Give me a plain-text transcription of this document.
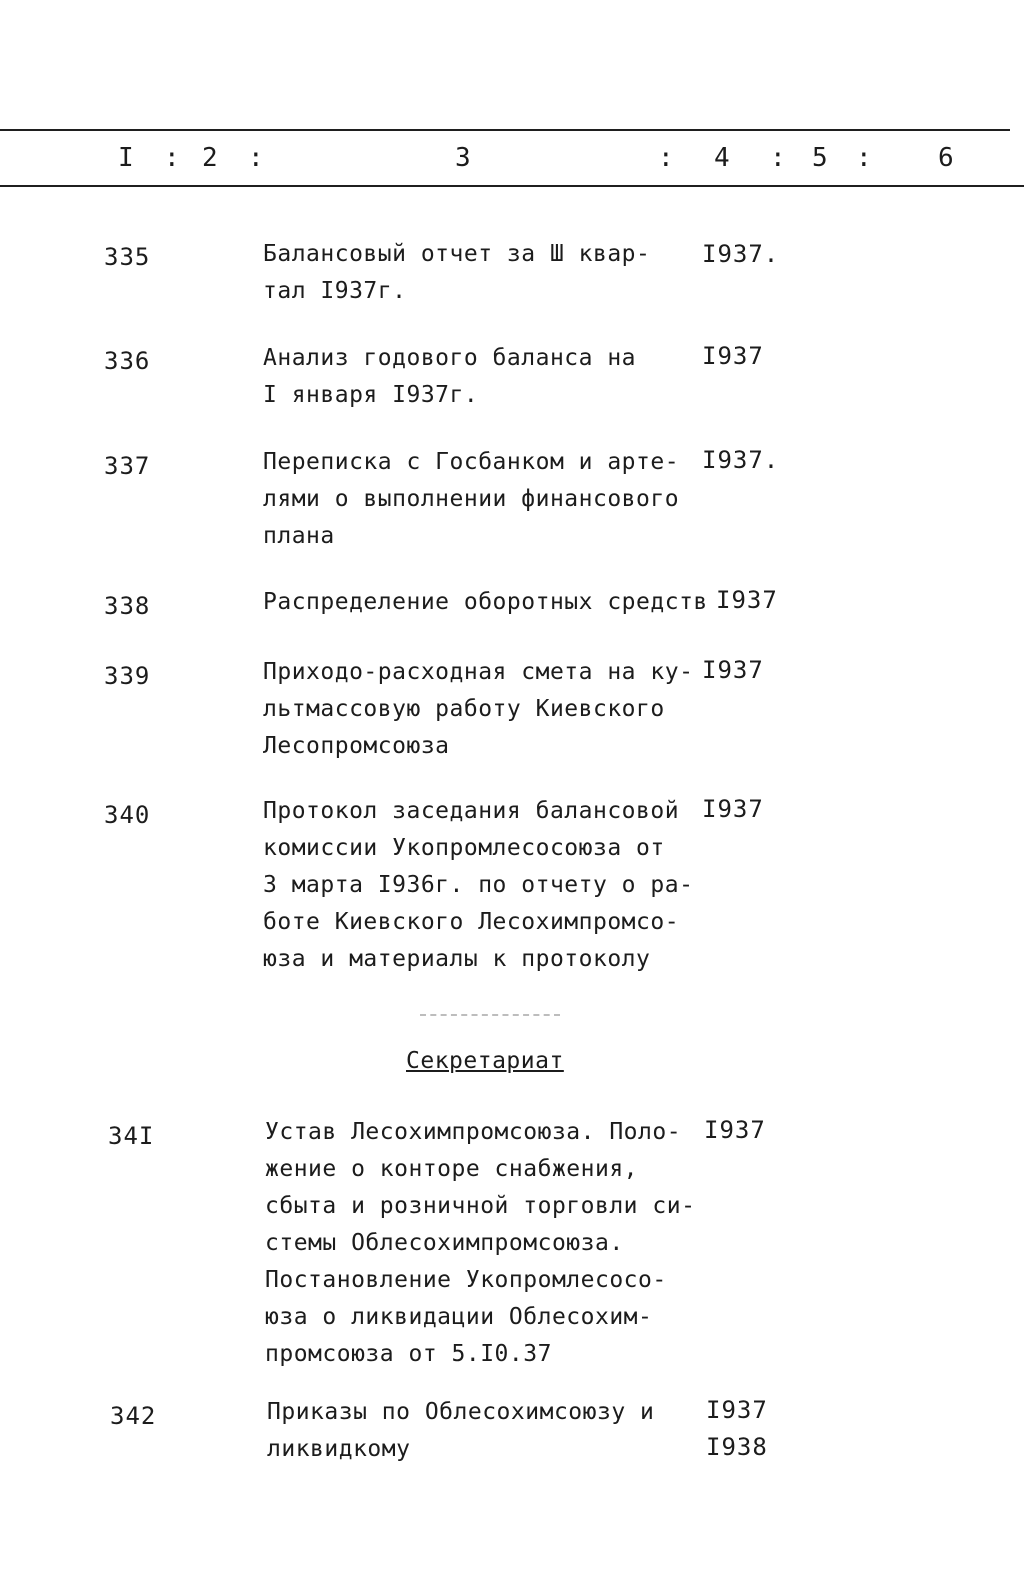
I : 2 :	3	: 4 : 5 : 6
335	Балансовый отчет за Ш квар-
тал I937г.
I937.
336	Анализ годового баланса на
I января I937г.
I937
337	Переписка с Госбанком и арте-
лями о выполнении финансового
плана
I937.
338	Распределение оборотных средств I937
339	Приходо-расходная смета на ку-
льтмассовую работу Киевского
Лесопромсоюза
I937
340	Протокол заседания балансовой
комиссии Укопромлесосоюза от
3 марта I936г. по отчету о ра-
боте Киевского Лесохимпромсо-
юза и материалы к протоколу
I937
Секретариат
34I	Устав Лесохимпромсоюза. Поло-
жение о конторе снабжения,
сбыта и розничной торговли си-
стемы Облесохимпромсоюза.
Постановление Укопромлесосо-
юза о ликвидации Облесохим-
промсоюза от 5.I0.37
I937
342	Приказы по Облесохимсоюзу и
ликвидкому
I937
I938
